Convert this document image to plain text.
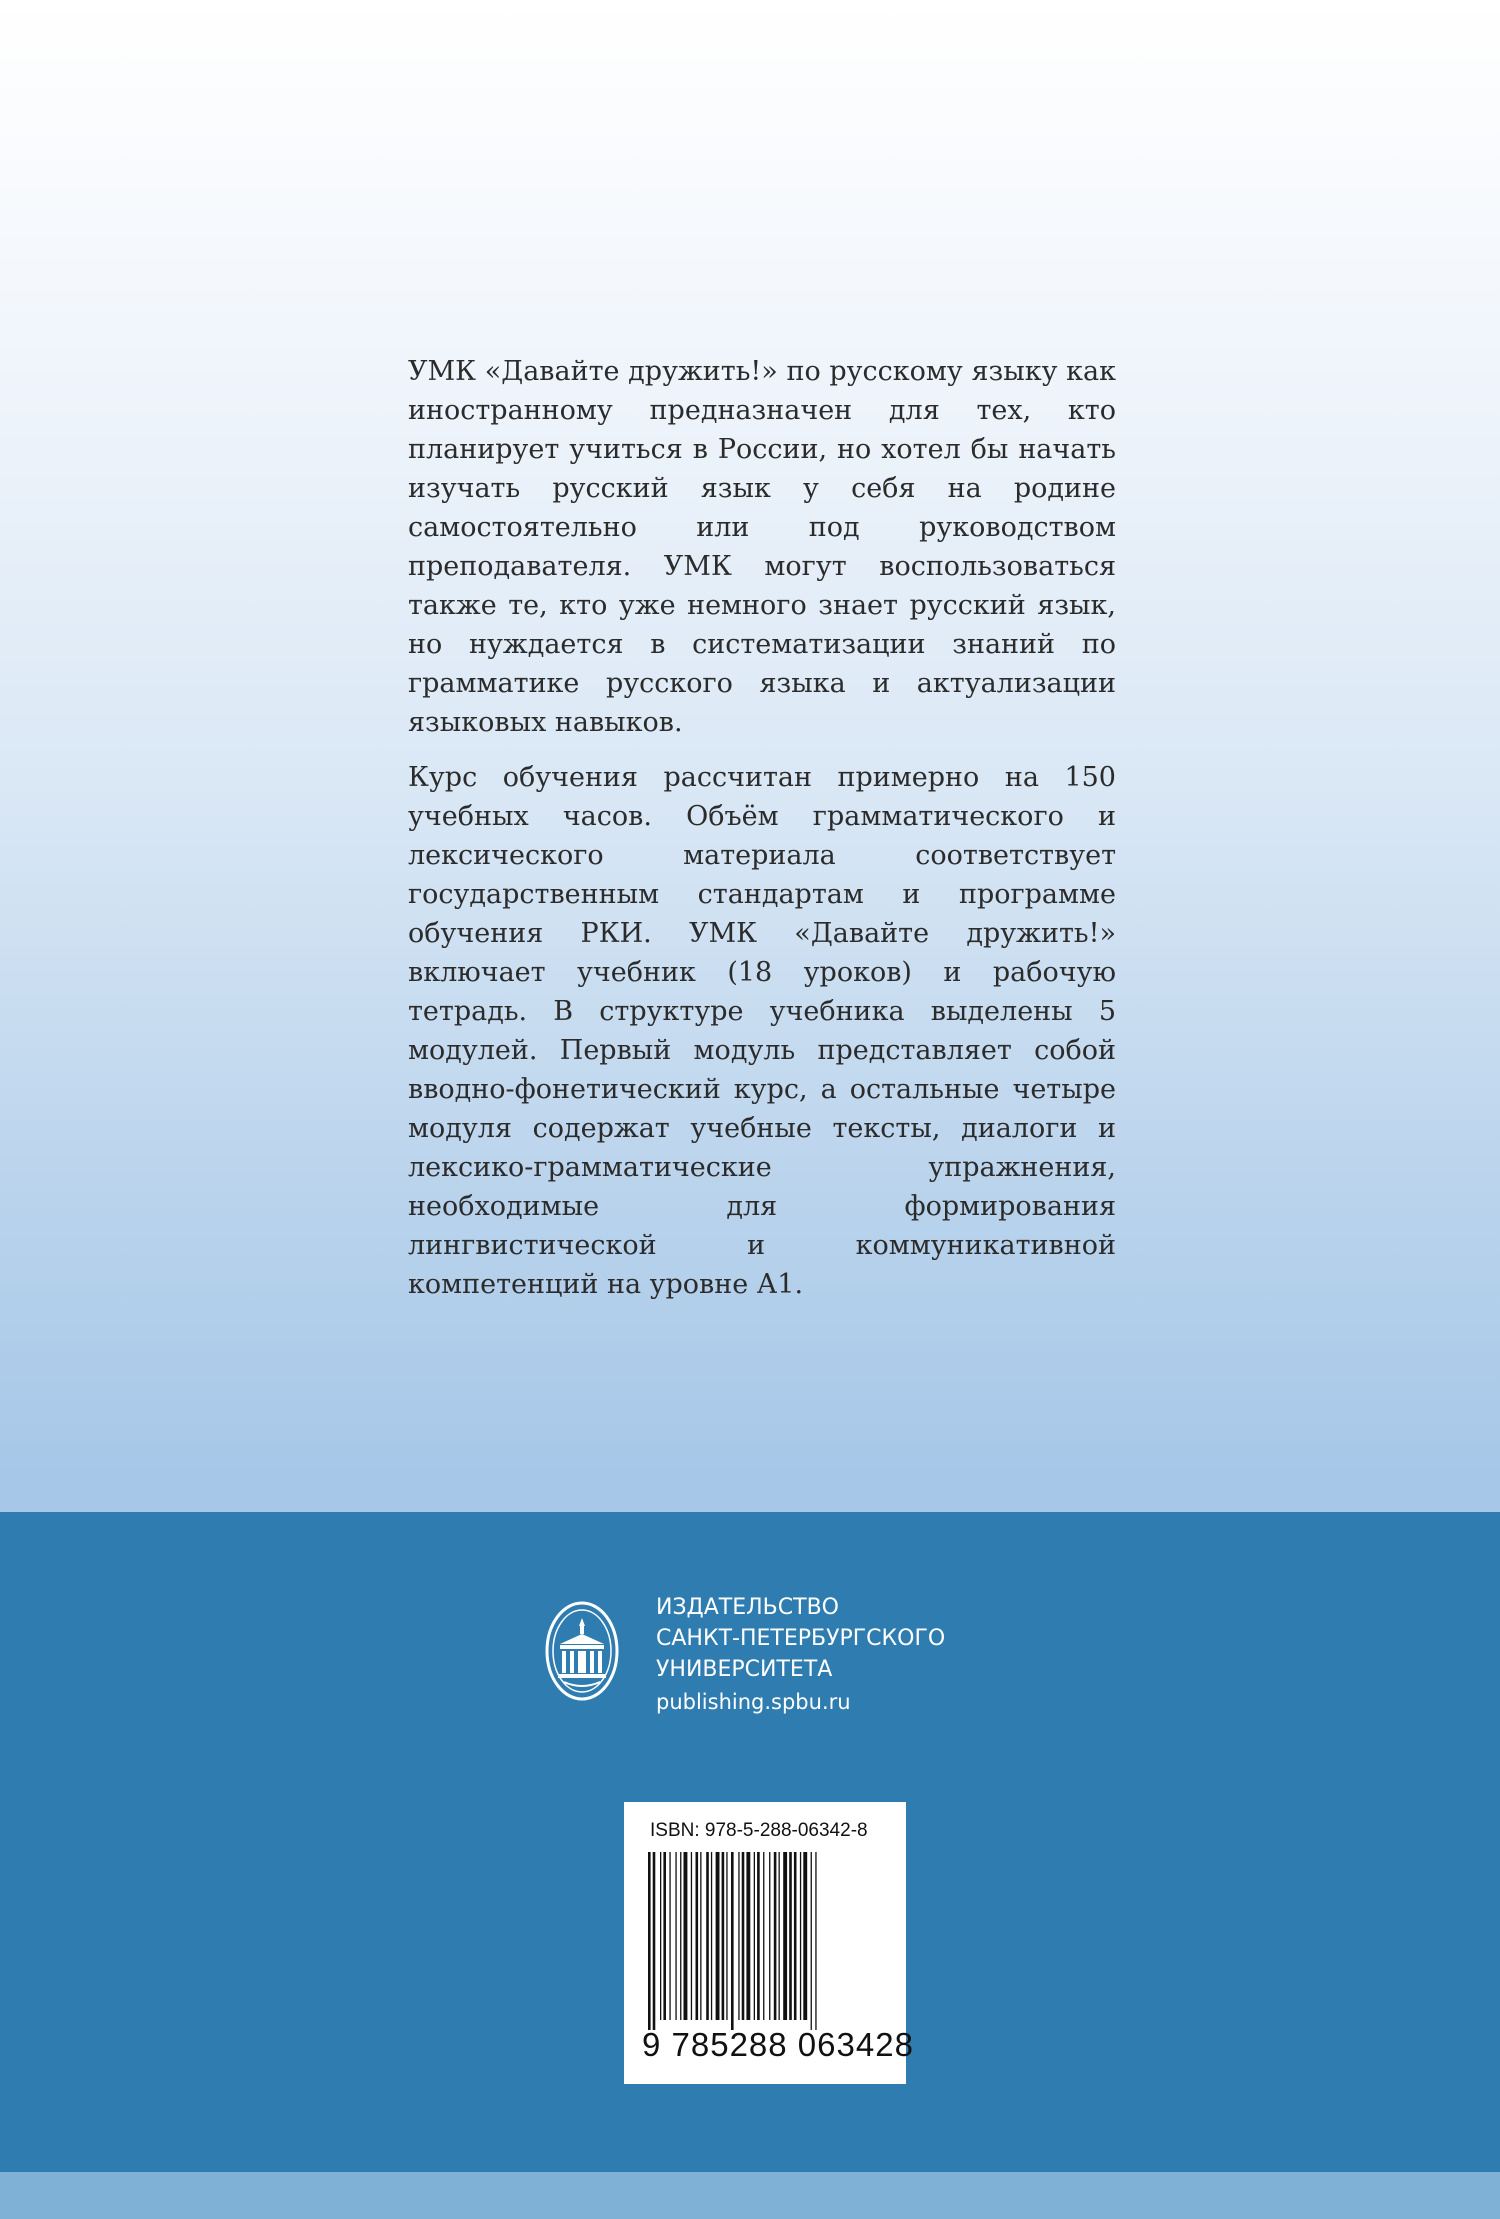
УМК «Давайте дружить!» по русскому языку как иностранному предназначен для тех, кто планирует учиться в России, но хотел бы начать изучать русский язык у себя на родине самостоятельно или под руководством преподавателя. УМК могут воспользоваться также те, кто уже немного знает русский язык, но нуждается в систематизации знаний по грамматике русского языка и актуализации языковых навыков.

Курс обучения рассчитан примерно на 150 учебных часов. Объём грамматического и лексического материала соответствует государственным стандартам и программе обучения РКИ. УМК «Давайте дружить!» включает учебник (18 уроков) и рабочую тетрадь. В структуре учебника выделены 5 модулей. Первый модуль представляет собой вводно-фонетический курс, а остальные четыре модуля содержат учебные тексты, диалоги и лексико-грамматические упражнения, необходимые для формирования лингвистической и коммуникативной компетенций на уровне А1.

ИЗДАТЕЛЬСТВО
САНКТ-ПЕТЕРБУРГСКОГО
УНИВЕРСИТЕТА
publishing.spbu.ru
ISBN: 978-5-288-06342-8
9 785288 063428
